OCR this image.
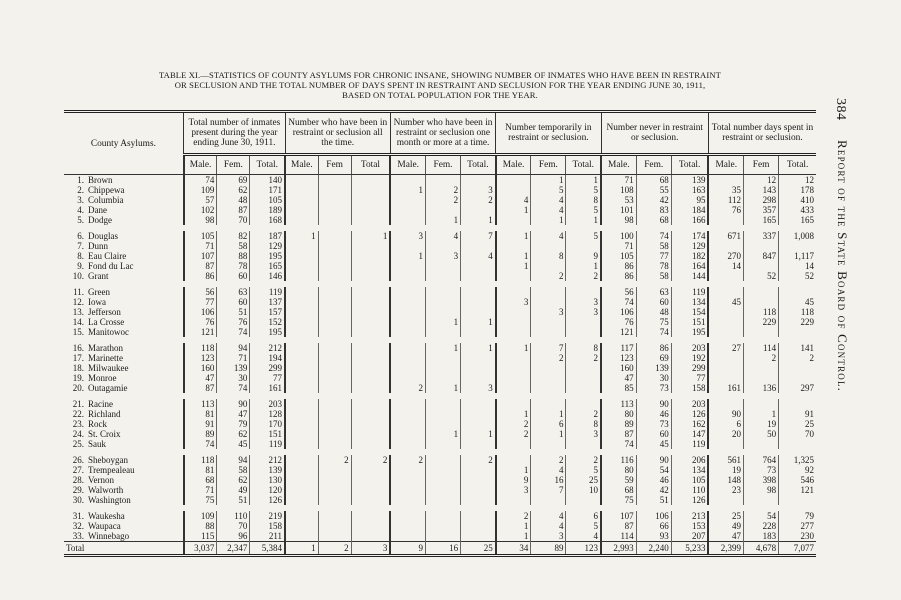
TABLE XI.—STATISTICS OF COUNTY ASYLUMS FOR CHRONIC INSANE, SHOWING NUMBER OF INMATES WHO HAVE BEEN IN RESTRAINT
OR SECLUSION AND THE TOTAL NUMBER OF DAYS SPENT IN RESTRAINT AND SECLUSION FOR THE YEAR ENDING JUNE 30, 1911,
BASED ON TOTAL POPULATION FOR THE YEAR.
384
Report of the State Board of Control.
County Asylums.	Total number of inmates present during the year ending June 30, 1911.			Number who have been in restraint or seclusion all the time.			Number who have been in restraint or seclusion one month or more at a time.			Number temporarily in restraint or seclusion.			Number never in restraint or seclusion.			Total number days spent in restraint or seclusion.		
	Male.	Fem.	Total.	Male.	Fem	Total	Male.	Fem.	Total.	Male.	Fem.	Total.	Male.	Fem.	Total.	Male.	Fem	Total.
1. Brown	74	69	140								1	1	71	68	139		12	12
2. Chippewa	109	62	171				1	2	3		5	5	108	55	163	35	143	178
3. Columbia	57	48	105					2	2	4	4	8	53	42	95	112	298	410
4. Dane	102	87	189							1	4	5	101	83	184	76	357	433
5. Dodge	98	70	168					1	1		1	1	98	68	166		165	165

6. Douglas	105	82	187	1		1	3	4	7	1	4	5	100	74	174	671	337	1,008
7. Dunn	71	58	129										71	58	129			
8. Eau Claire	107	88	195				1	3	4	1	8	9	105	77	182	270	847	1,117
9. Fond du Lac	87	78	165							1		1	86	78	164	14		14
10. Grant	86	60	146								2	2	86	58	144		52	52

11. Green	56	63	119										56	63	119			
12. Iowa	77	60	137							3		3	74	60	134	45		45
13. Jefferson	106	51	157								3	3	106	48	154		118	118
14. La Crosse	76	76	152					1	1				76	75	151		229	229
15. Manitowoc	121	74	195										121	74	195			

16. Marathon	118	94	212					1	1	1	7	8	117	86	203	27	114	141
17. Marinette	123	71	194								2	2	123	69	192		2	2
18. Milwaukee	160	139	299										160	139	299			
19. Monroe	47	30	77										47	30	77			
20. Outagamie	87	74	161				2	1	3				85	73	158	161	136	297

21. Racine	113	90	203										113	90	203			
22. Richland	81	47	128							1	1	2	80	46	126	90	1	91
23. Rock	91	79	170							2	6	8	89	73	162	6	19	25
24. St. Croix	89	62	151					1	1	2	1	3	87	60	147	20	50	70
25. Sauk	74	45	119										74	45	119			

26. Sheboygan	118	94	212		2	2	2		2		2	2	116	90	206	561	764	1,325
27. Trempealeau	81	58	139							1	4	5	80	54	134	19	73	92
28. Vernon	68	62	130							9	16	25	59	46	105	148	398	546
29. Walworth	71	49	120							3	7	10	68	42	110	23	98	121
30. Washington	75	51	126										75	51	126			

31. Waukesha	109	110	219							2	4	6	107	106	213	25	54	79
32. Waupaca	88	70	158							1	4	5	87	66	153	49	228	277
33. Winnebago	115	96	211							1	3	4	114	93	207	47	183	230
Total	3,037	2,347	5,384	1	2	3	9	16	25	34	89	123	2,993	2,240	5,233	2,399	4,678	7,077
